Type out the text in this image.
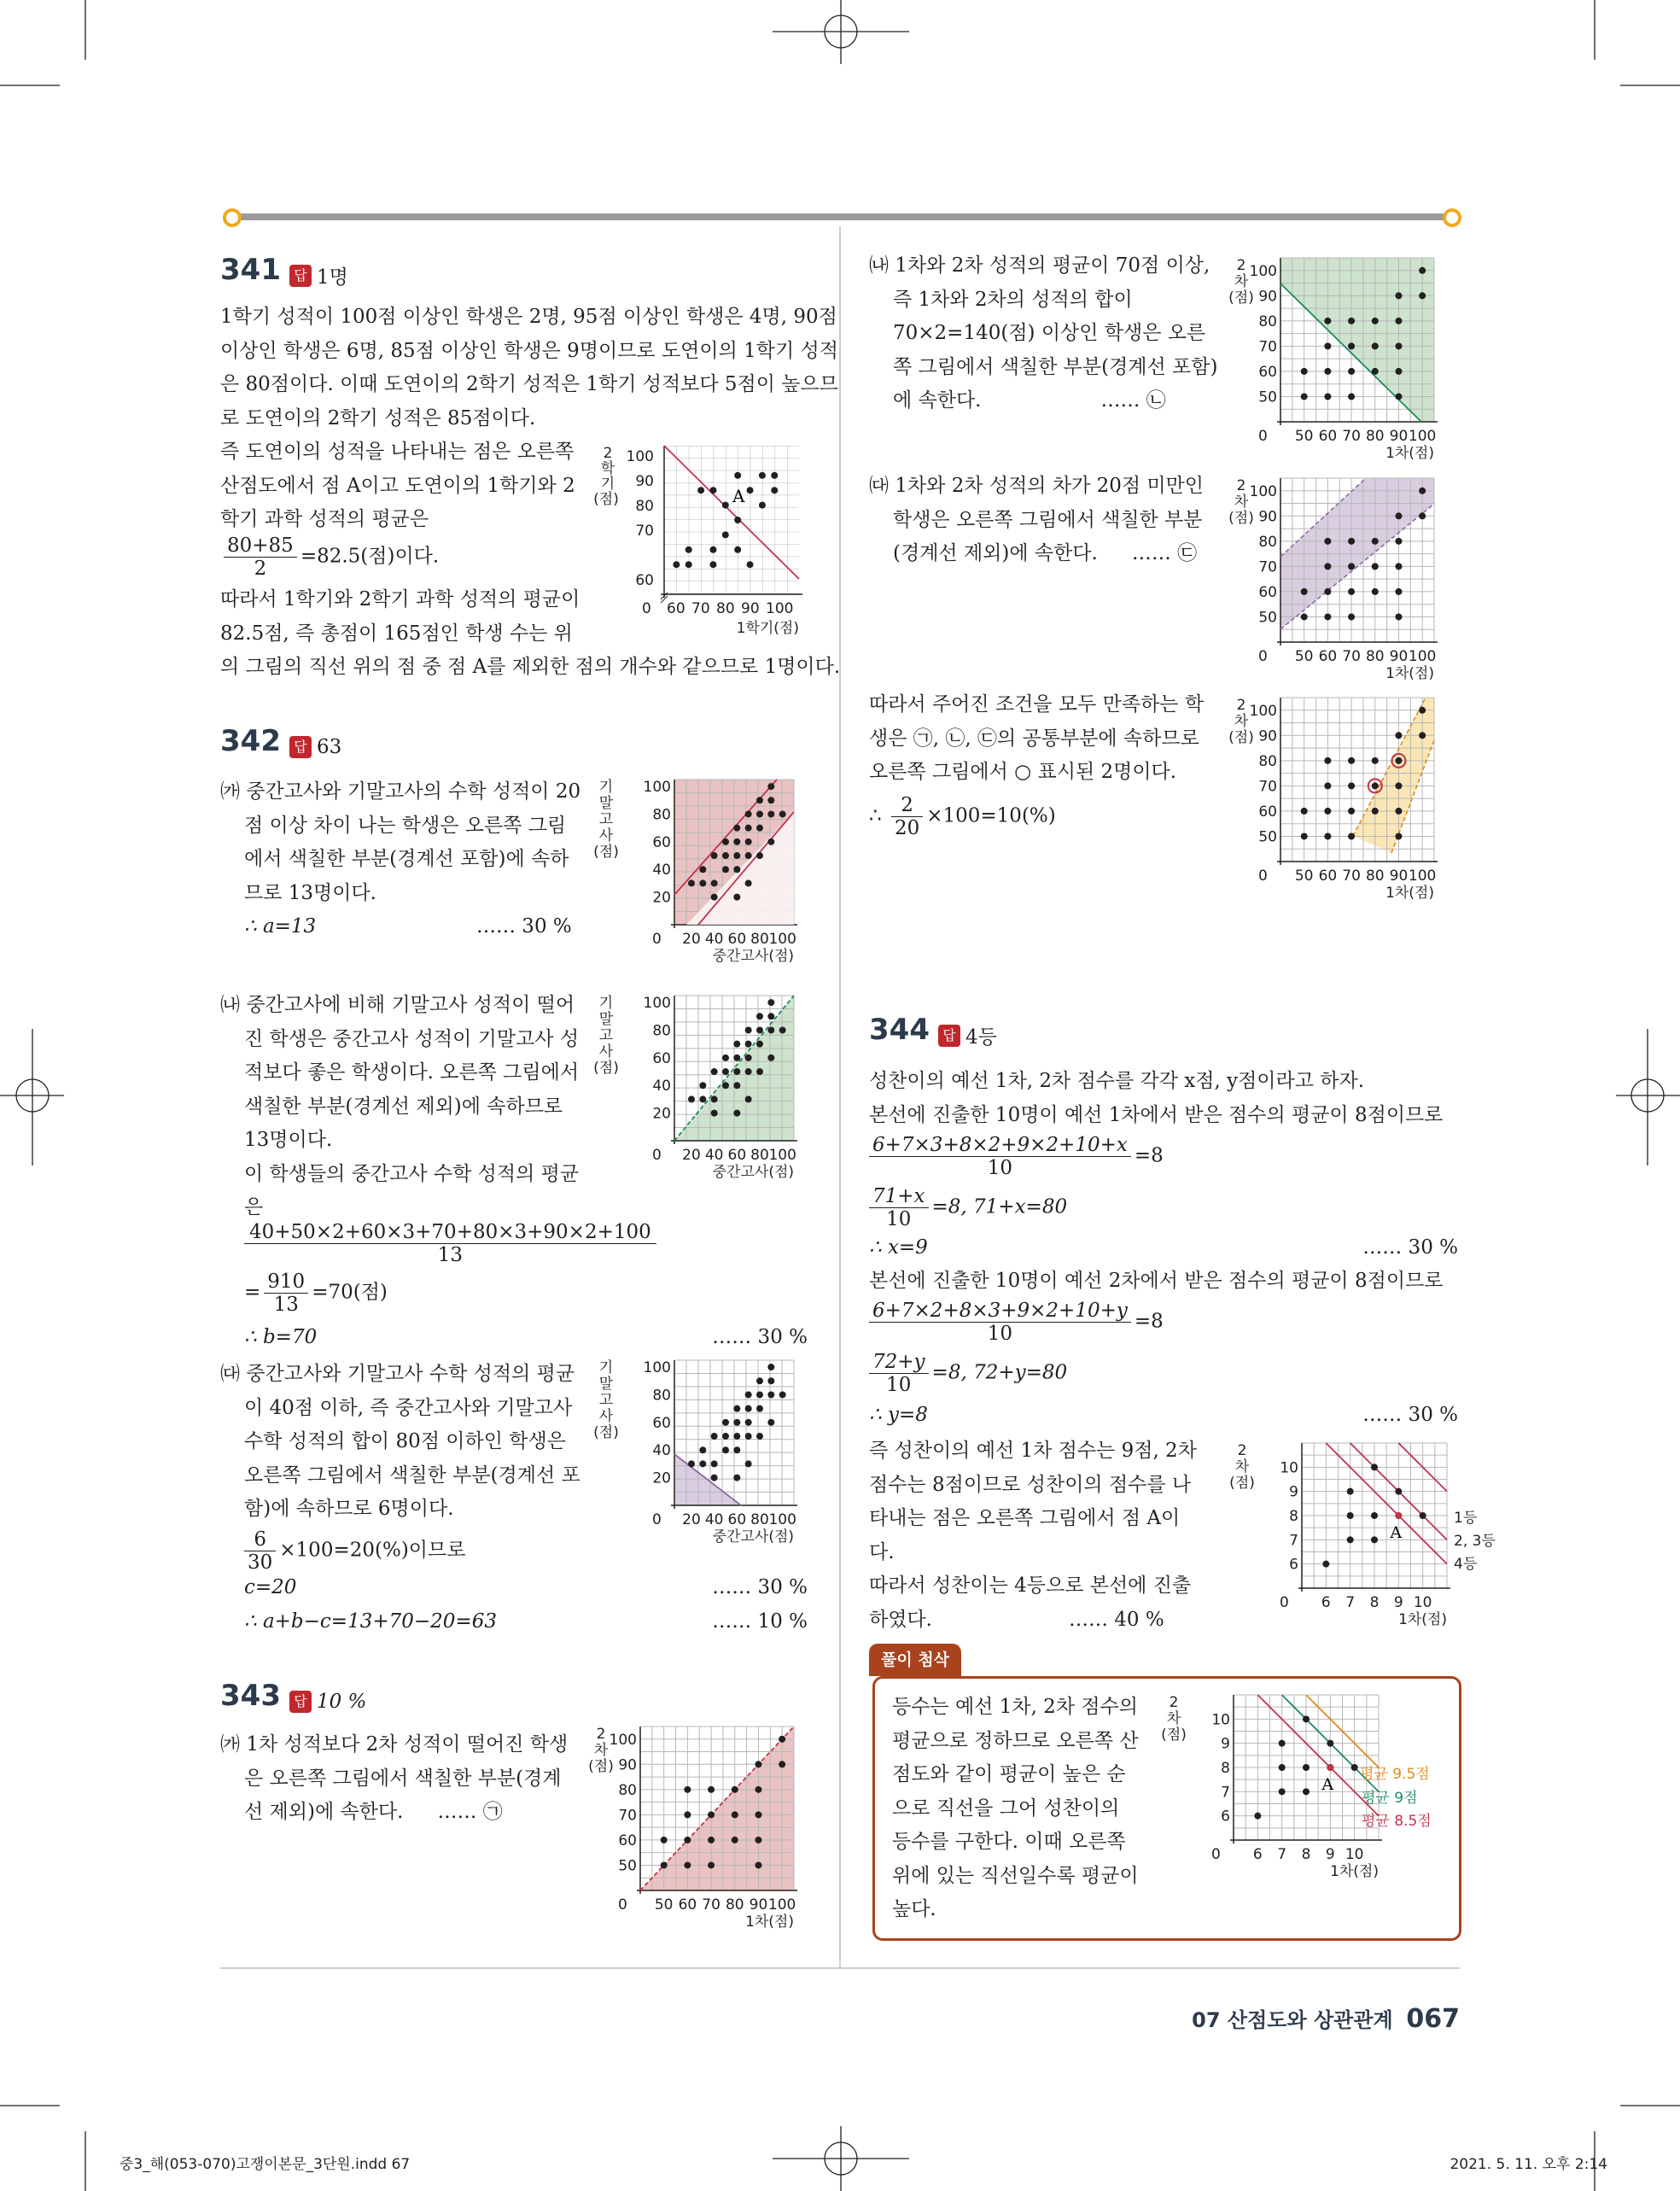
341 답 1명
1학기 성적이 100점 이상인 학생은 2명, 95점 이상인 학생은 4명, 90점
이상인 학생은 6명, 85점 이상인 학생은 9명이므로 도연이의 1학기 성적
은 80점이다. 이때 도연이의 2학기 성적은 1학기 성적보다 5점이 높으므
로 도연이의 2학기 성적은 85점이다.
즉 도연이의 성적을 나타내는 점은 오른쪽
산점도에서 점 A이고 도연이의 1학기와 2
학기 과학 성적의 평균은
$\frac{80+85}{2} =82.5$(점)이다.
따라서 1학기와 2학기 과학 성적의 평균이
82.5점, 즉 총점이 165점인 학생 수는 위
의 그림의 직선 위의 점 중 점 A를 제외한 점의 개수와 같으므로 1명이다.
2 학 기 (점)
100
90
80
70
60
0 60 70 80 90 100
1학기(점)
A
342 답 63
㈎ 중간고사와 기말고사의 수학 성적이 20
점 이상 차이 나는 학생은 오른쪽 그림
에서 색칠한 부분(경계선 포함)에 속하
므로 13명이다.
∴ a=13	…… 30 %
㈏ 중간고사에 비해 기말고사 성적이 떨어
진 학생은 중간고사 성적이 기말고사 성
적보다 좋은 학생이다. 오른쪽 그림에서
색칠한 부분(경계선 제외)에 속하므로
13명이다.
이 학생들의 중간고사 수학 성적의 평균
은
$\frac{40+50\times 2+60\times 3+70+80\times 3+90\times 2+100}{13}$
= $\frac{910}{13} =70$(점)
∴ b=70	…… 30 %
㈐ 중간고사와 기말고사 수학 성적의 평균
이 40점 이하, 즉 중간고사와 기말고사
수학 성적의 합이 80점 이하인 학생은
오른쪽 그림에서 색칠한 부분(경계선 포
함)에 속하므로 6명이다.
$\frac{6}{30} \times 100=20(\%)$이므로
c=20	…… 30 %
∴ a+b−c=13+70−20=63	…… 10 %
기
말
고
사
(점)
20
40
60
80
100
20 40 60 80 100
0
중간고사(점)
기
말
고
사
(점)
20
40
60
80
100
20 40 60 80 100
0
중간고사(점)
기
말
고
사
(점)
20
40
60
80
100
20 40 60 80 100
0
중간고사(점)
343 답 10 %
㈎ 1차 성적보다 2차 성적이 떨어진 학생
은 오른쪽 그림에서 색칠한 부분(경계
선 제외)에 속한다. …… ㉠
2
차
(점)
50
60
70
80
90
100
50 60 70 80 90 100
0
1차(점)
㈏ 1차와 2차 성적의 평균이 70점 이상,
즉 1차와 2차의 성적의 합이
70×2=140(점) 이상인 학생은 오른
쪽 그림에서 색칠한 부분(경계선 포함)
에 속한다.	…… ㉡
2
차
(점)
50
60
70
80
90
100
50 60 70 80 90 100
0
1차(점)
㈐ 1차와 2차 성적의 차가 20점 미만인
학생은 오른쪽 그림에서 색칠한 부분
(경계선 제외)에 속한다. …… ㉢
2
차
(점)
50
60
70
80
90
100
50 60 70 80 90 100
0
1차(점)
따라서 주어진 조건을 모두 만족하는 학
생은 ㉠, ㉡, ㉢의 공통부분에 속하므로
오른쪽 그림에서 ○ 표시된 2명이다.
∴ $\frac{2}{20} \times 100=10(\%)$
2
차
(점)
50
60
70
80
90
100
50 60 70 80 90 100
0
1차(점)
344 답 4등
성찬이의 예선 1차, 2차 점수를 각각 x점, y점이라고 하자.
본선에 진출한 10명이 예선 1차에서 받은 점수의 평균이 8점이므로
$\frac{6+7\times 3+8\times 2+9\times 2+10+x}{10} =8$
$\frac{71+x}{10} =8$, 71+x=80
∴ x=9	…… 30 %
본선에 진출한 10명이 예선 2차에서 받은 점수의 평균이 8점이므로
$\frac{6+7\times 2+8\times 3+9\times 2+10+y}{10} =8$
$\frac{72+y}{10} =8$, 72+y=80
∴ y=8	…… 30 %
즉 성찬이의 예선 1차 점수는 9점, 2차
점수는 8점이므로 성찬이의 점수를 나
타내는 점은 오른쪽 그림에서 점 A이
다.
따라서 성찬이는 4등으로 본선에 진출
하였다.	…… 40 %
2
차
(점)
6
7
8
9
10
6 7 8 9 10
0
1차(점)
A
1등
2, 3등
4등
풀이 첨삭
등수는 예선 1차, 2차 점수의
평균으로 정하므로 오른쪽 산
점도와 같이 평균이 높은 순
으로 직선을 그어 성찬이의
등수를 구한다. 이때 오른쪽
위에 있는 직선일수록 평균이
높다.
2
차
(점)
6
7
8
9
10
6 7 8 9 10
0
1차(점)
A
평균 9.5점
평균 9점
평균 8.5점
07 산점도와 상관관계 067
중3_해(053-070)고쟁이본문_3단원.indd 67	2021. 5. 11. 오후 2:14
